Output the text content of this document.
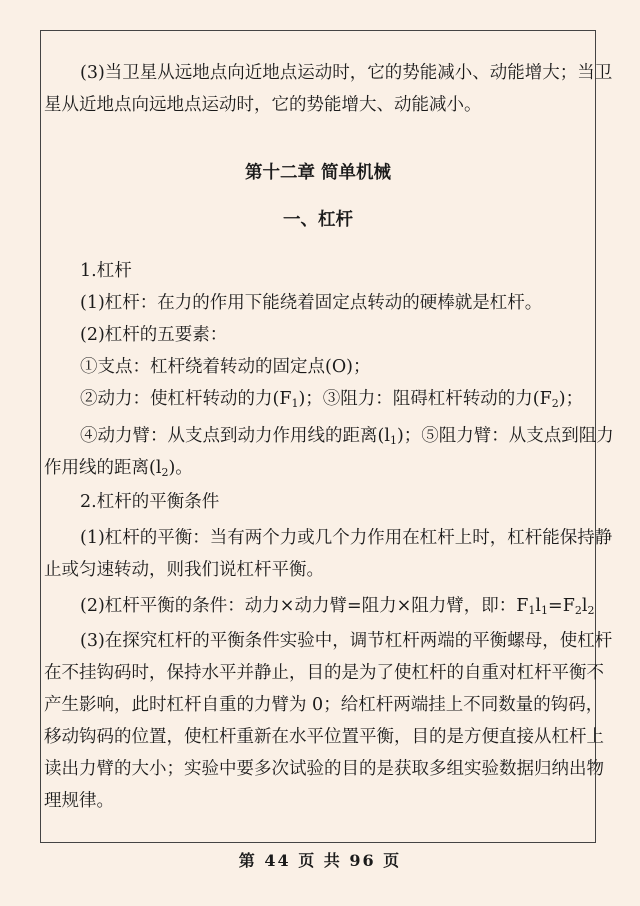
(3)当卫星从远地点向近地点运动时，它的势能减小、动能增大；当卫
星从近地点向远地点运动时，它的势能增大、动能减小。
第十二章 简单机械
一、杠杆
1.杠杆
(1)杠杆：在力的作用下能绕着固定点转动的硬棒就是杠杆。
(2)杠杆的五要素：
①支点：杠杆绕着转动的固定点(O)；
②动力：使杠杆转动的力$(F_1)$；③阻力：阻碍杠杆转动的力$(F_2)$；
④动力臂：从支点到动力作用线的距离$(l_1)$；⑤阻力臂：从支点到阻力
作用线的距离$(l_2)$。
2.杠杆的平衡条件
(1)杠杆的平衡：当有两个力或几个力作用在杠杆上时，杠杆能保持静
止或匀速转动，则我们说杠杆平衡。
(2)杠杆平衡的条件：动力×动力臂=阻力×阻力臂，即：$F_1l_1=F_2l_2$
(3)在探究杠杆的平衡条件实验中，调节杠杆两端的平衡螺母，使杠杆
在不挂钩码时，保持水平并静止，目的是为了使杠杆的自重对杠杆平衡不
产生影响，此时杠杆自重的力臂为 0；给杠杆两端挂上不同数量的钩码，
移动钩码的位置，使杠杆重新在水平位置平衡，目的是方便直接从杠杆上
读出力臂的大小；实验中要多次试验的目的是获取多组实验数据归纳出物
理规律。
第 44 页 共 96 页
